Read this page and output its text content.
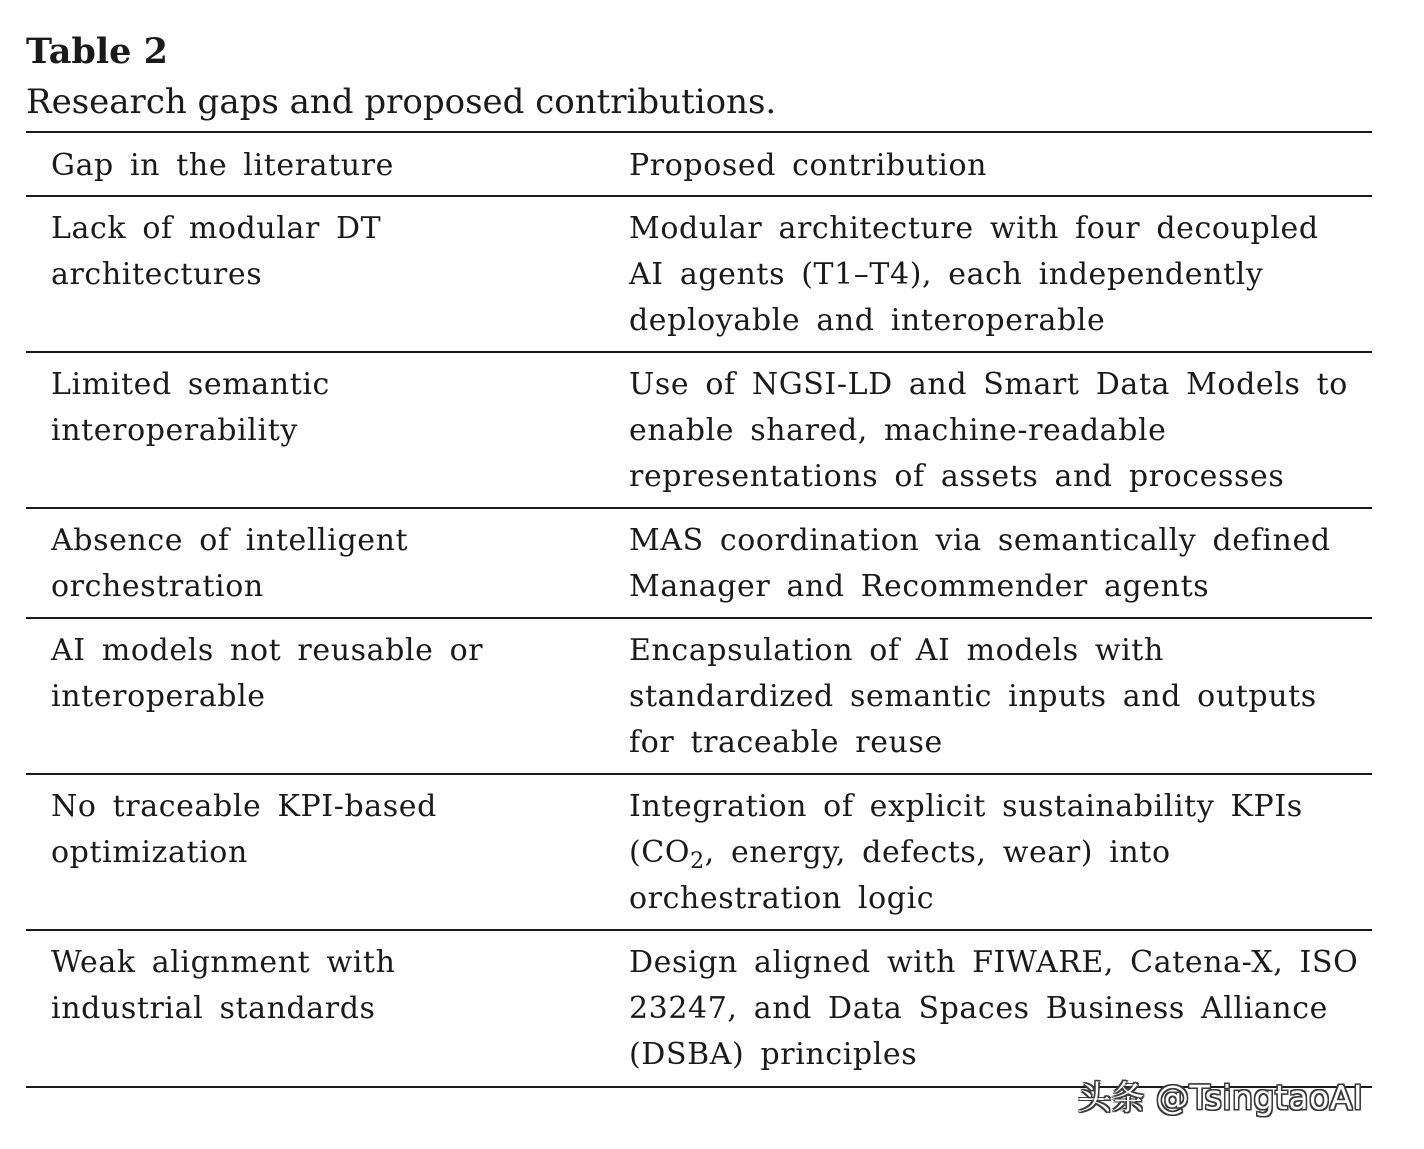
Table 2
Research gaps and proposed contributions.
Gap in the literature	Proposed contribution
Lack of modular DT
architectures
Modular architecture with four decoupled
AI agents (T1–T4), each independently
deployable and interoperable
Limited semantic
interoperability
Use of NGSI-LD and Smart Data Models to
enable shared, machine-readable
representations of assets and processes
Absence of intelligent
orchestration
MAS coordination via semantically defined
Manager and Recommender agents
AI models not reusable or
interoperable
Encapsulation of AI models with
standardized semantic inputs and outputs
for traceable reuse
No traceable KPI-based
optimization
Integration of explicit sustainability KPIs
($CO_2$, energy, defects, wear) into
orchestration logic
Weak alignment with
industrial standards
Design aligned with FIWARE, Catena-X, ISO
23247, and Data Spaces Business Alliance
(DSBA) principles
头条 @TsingtaoAI
